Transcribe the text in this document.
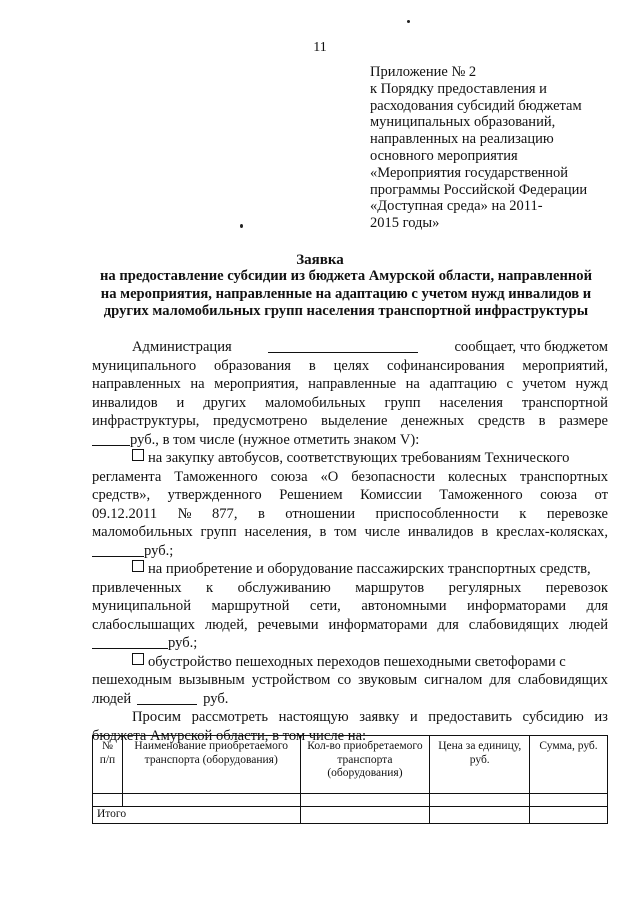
11
Приложение № 2
к Порядку предоставления и
расходования субсидий бюджетам
муниципальных образований,
направленных на реализацию
основного мероприятия
«Мероприятия государственной
программы Российской Федерации
«Доступная среда» на 2011-
2015 годы»
Заявка
на предоставление субсидии из бюджета Амурской области, направленной
на мероприятия, направленные на адаптацию с учетом нужд инвалидов и
других маломобильных групп населения транспортной инфраструктуры
Администрация	сообщает, что бюджетом
муниципального образования в целях софинансирования мероприятий,
направленных на мероприятия, направленные на адаптацию с учетом нужд
инвалидов и других маломобильных групп населения транспортной
инфраструктуры, предусмотрено выделение денежных средств в размере
руб., в том числе (нужное отметить знаком V):
на закупку автобусов, соответствующих требованиям Технического
регламента Таможенного союза «О безопасности колесных транспортных
средств», утвержденного Решением Комиссии Таможенного союза от
09.12.2011 № 877, в отношении приспособленности к перевозке
маломобильных групп населения, в том числе инвалидов в креслах-колясках,
руб.;
на приобретение и оборудование пассажирских транспортных средств,
привлеченных к обслуживанию маршрутов регулярных перевозок
муниципальной маршрутной сети, автономными информаторами для
слабослышащих людей, речевыми информаторами для слабовидящих людей
руб.;
обустройство пешеходных переходов пешеходными светофорами с
пешеходным вызывным устройством со звуковым сигналом для слабовидящих
людей	руб.
Просим рассмотреть настоящую заявку и предоставить субсидию из
бюджета Амурской области, в том числе на:
№ п/п	Наименование приобретаемого транспорта (оборудования)	Кол-во приобретаемого транспорта (оборудования)	Цена за единицу, руб.	Сумма, руб.

Итого				
